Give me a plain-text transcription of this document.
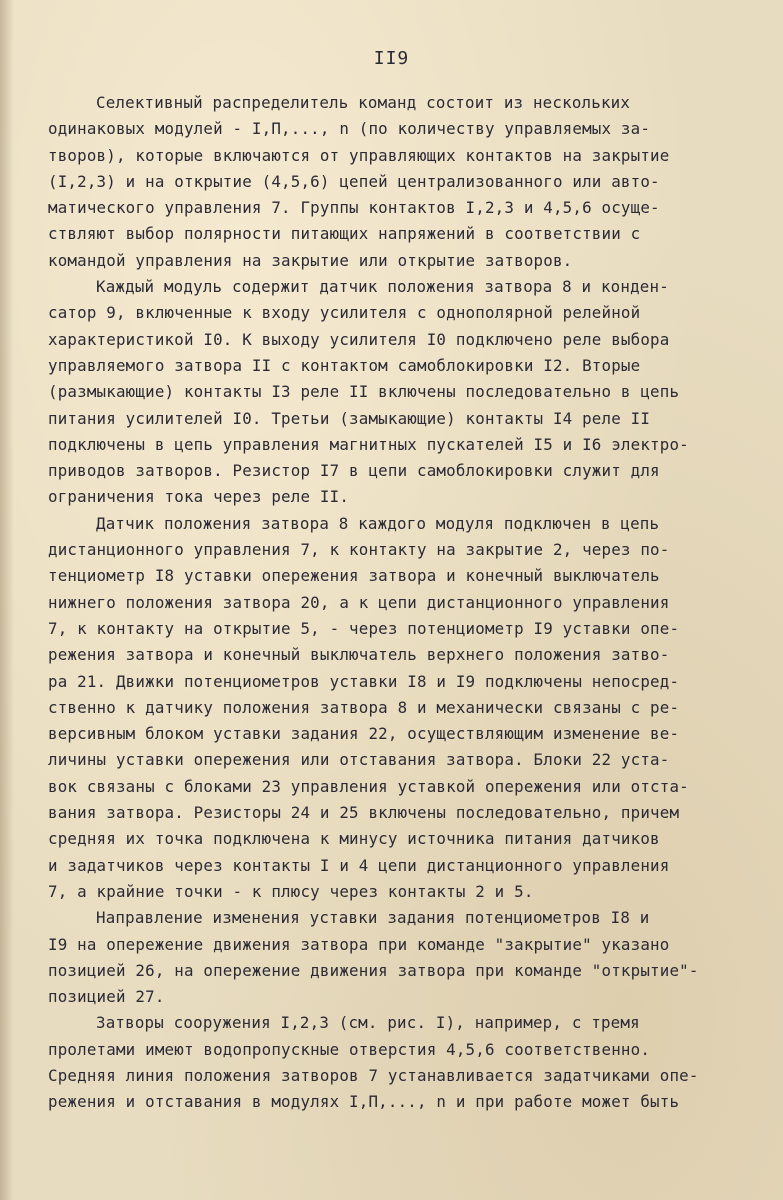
II9
Селективный распределитель команд состоит из нескольких
одинаковых модулей - I,П,..., n (по количеству управляемых за-
творов), которые включаются от управляющих контактов на закрытие
(I,2,3) и на открытие (4,5,6) цепей централизованного или авто-
матического управления 7. Группы контактов I,2,3 и 4,5,6 осуще-
ствляют выбор полярности питающих напряжений в соответствии с
командой управления на закрытие или открытие затворов.
Каждый модуль содержит датчик положения затвора 8 и конден-
сатор 9, включенные к входу усилителя с однополярной релейной
характеристикой I0. К выходу усилителя I0 подключено реле выбора
управляемого затвора II с контактом самоблокировки I2. Вторые
(размыкающие) контакты I3 реле II включены последовательно в цепь
питания усилителей I0. Третьи (замыкающие) контакты I4 реле II
подключены в цепь управления магнитных пускателей I5 и I6 электро-
приводов затворов. Резистор I7 в цепи самоблокировки служит для
ограничения тока через реле II.
Датчик положения затвора 8 каждого модуля подключен в цепь
дистанционного управления 7, к контакту на закрытие 2, через по-
тенциометр I8 уставки опережения затвора и конечный выключатель
нижнего положения затвора 20, а к цепи дистанционного управления
7, к контакту на открытие 5, - через потенциометр I9 уставки опе-
режения затвора и конечный выключатель верхнего положения затво-
ра 21. Движки потенциометров уставки I8 и I9 подключены непосред-
ственно к датчику положения затвора 8 и механически связаны с ре-
версивным блоком уставки задания 22, осуществляющим изменение ве-
личины уставки опережения или отставания затвора. Блоки 22 уста-
вок связаны с блоками 23 управления уставкой опережения или отста-
вания затвора. Резисторы 24 и 25 включены последовательно, причем
средняя их точка подключена к минусу источника питания датчиков
и задатчиков через контакты I и 4 цепи дистанционного управления
7, а крайние точки - к плюсу через контакты 2 и 5.
Направление изменения уставки задания потенциометров I8 и
I9 на опережение движения затвора при команде "закрытие" указано
позицией 26, на опережение движения затвора при команде "открытие"-
позицией 27.
Затворы сооружения I,2,3 (см. рис. I), например, с тремя
пролетами имеют водопропускные отверстия 4,5,6 соответственно.
Средняя линия положения затворов 7 устанавливается задатчиками опе-
режения и отставания в модулях I,П,..., n и при работе может быть
